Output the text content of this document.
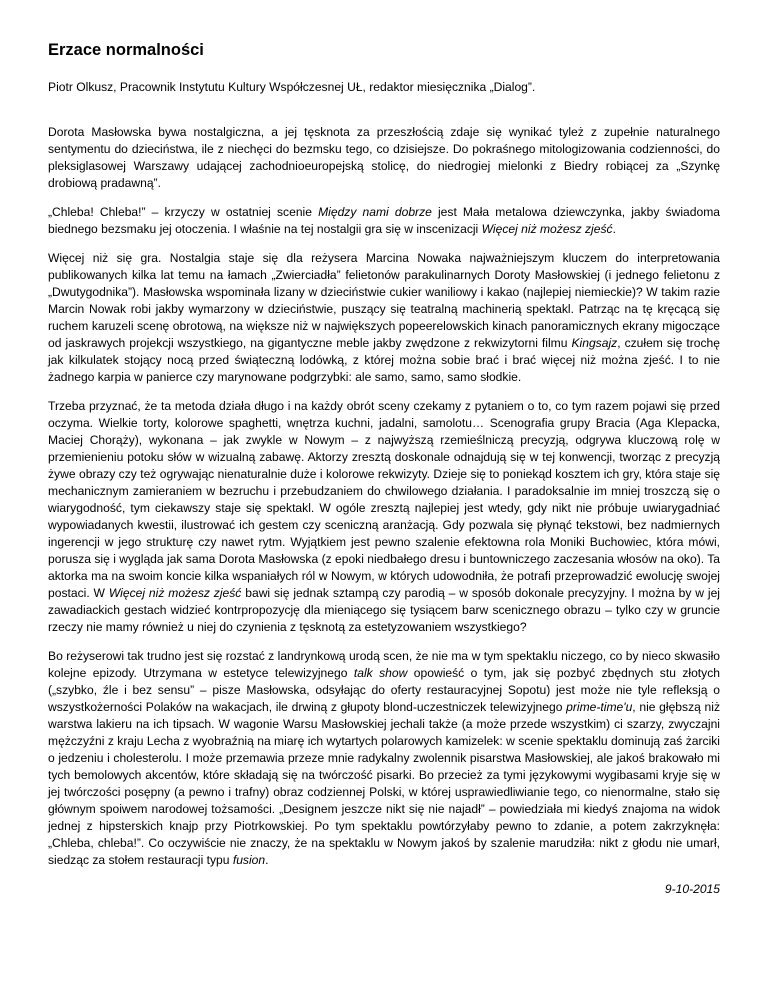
Erzace normalności

Piotr Olkusz, Pracownik Instytutu Kultury Współczesnej UŁ, redaktor miesięcznika „Dialog”.

Dorota Masłowska bywa nostalgiczna, a jej tęsknota za przeszłością zdaje się wynikać tyleż z zupełnie naturalnego sentymentu do dzieciństwa, ile z niechęci do bezmsku tego, co dzisiejsze. Do pokraśnego mitologizowania codzienności, do pleksiglasowej Warszawy udającej zachodnioeuropejską stolicę, do niedrogiej mielonki z Biedry robiącej za „Szynkę drobiową pradawną”.

„Chleba! Chleba!” – krzyczy w ostatniej scenie Między nami dobrze jest Mała metalowa dziewczynka, jakby świadoma biednego bezsmaku jej otoczenia. I właśnie na tej nostalgii gra się w inscenizacji Więcej niż możesz zjeść.

Więcej niż się gra. Nostalgia staje się dla reżysera Marcina Nowaka najważniejszym kluczem do interpretowania publikowanych kilka lat temu na łamach „Zwierciadła” felietonów parakulinarnych Doroty Masłowskiej (i jednego felietonu z „Dwutygodnika”). Masłowska wspominała lizany w dzieciństwie cukier waniliowy i kakao (najlepiej niemieckie)? W takim razie Marcin Nowak robi jakby wymarzony w dzieciństwie, puszący się teatralną machinerią spektakl. Patrząc na tę kręcącą się ruchem karuzeli scenę obrotową, na większe niż w największych popeerelowskich kinach panoramicznych ekrany migoczące od jaskrawych projekcji wszystkiego, na gigantyczne meble jakby zwędzone z rekwizytorni filmu Kingsajz, czułem się trochę jak kilkulatek stojący nocą przed świąteczną lodówką, z której można sobie brać i brać więcej niż można zjeść. I to nie żadnego karpia w panierce czy marynowane podgrzybki: ale samo, samo, samo słodkie.

Trzeba przyznać, że ta metoda działa długo i na każdy obrót sceny czekamy z pytaniem o to, co tym razem pojawi się przed oczyma. Wielkie torty, kolorowe spaghetti, wnętrza kuchni, jadalni, samolotu… Scenografia grupy Bracia (Aga Klepacka, Maciej Chorąży), wykonana – jak zwykle w Nowym – z najwyższą rzemieślniczą precyzją, odgrywa kluczową rolę w przemienieniu potoku słów w wizualną zabawę. Aktorzy zresztą doskonale odnajdują się w tej konwencji, tworząc z precyzją żywe obrazy czy też ogrywając nienaturalnie duże i kolorowe rekwizyty. Dzieje się to poniekąd kosztem ich gry, która staje się mechanicznym zamieraniem w bezruchu i przebudzaniem do chwilowego działania. I paradoksalnie im mniej troszczą się o wiarygodność, tym ciekawszy staje się spektakl. W ogóle zresztą najlepiej jest wtedy, gdy nikt nie próbuje uwiarygadniać wypowiadanych kwestii, ilustrować ich gestem czy sceniczną aranżacją. Gdy pozwala się płynąć tekstowi, bez nadmiernych ingerencji w jego strukturę czy nawet rytm. Wyjątkiem jest pewno szalenie efektowna rola Moniki Buchowiec, która mówi, porusza się i wygląda jak sama Dorota Masłowska (z epoki niedbałego dresu i buntowniczego zaczesania włosów na oko). Ta aktorka ma na swoim koncie kilka wspaniałych ról w Nowym, w których udowodniła, że potrafi przeprowadzić ewolucję swojej postaci. W Więcej niż możesz zjeść bawi się jednak sztampą czy parodią – w sposób dokonale precyzyjny. I można by w jej zawadiackich gestach widzieć kontrpropozycję dla mieniącego się tysiącem barw scenicznego obrazu – tylko czy w gruncie rzeczy nie mamy również u niej do czynienia z tęsknotą za estetyzowaniem wszystkiego?

Bo reżyserowi tak trudno jest się rozstać z landrynkową urodą scen, że nie ma w tym spektaklu niczego, co by nieco skwasiło kolejne epizody. Utrzymana w estetyce telewizyjnego talk show opowieść o tym, jak się pozbyć zbędnych stu złotych („szybko, źle i bez sensu” – pisze Masłowska, odsyłając do oferty restauracyjnej Sopotu) jest może nie tyle refleksją o wszystkożerności Polaków na wakacjach, ile drwiną z głupoty blond-uczestniczek telewizyjnego prime-time'u, nie głębszą niż warstwa lakieru na ich tipsach. W wagonie Warsu Masłowskiej jechali także (a może przede wszystkim) ci szarzy, zwyczajni mężczyźni z kraju Lecha z wyobraźnią na miarę ich wytartych polarowych kamizelek: w scenie spektaklu dominują zaś żarciki o jedzeniu i cholesterolu. I może przemawia przeze mnie radykalny zwolennik pisarstwa Masłowskiej, ale jakoś brakowało mi tych bemolowych akcentów, które składają się na twórczość pisarki. Bo przecież za tymi językowymi wygibasami kryje się w jej twórczości posępny (a pewno i trafny) obraz codziennej Polski, w której usprawiedliwianie tego, co nienormalne, stało się głównym spoiwem narodowej tożsamości. „Designem jeszcze nikt się nie najadł” – powiedziała mi kiedyś znajoma na widok jednej z hipsterskich knajp przy Piotrkowskiej. Po tym spektaklu powtórzyłaby pewno to zdanie, a potem zakrzyknęła: „Chleba, chleba!”. Co oczywiście nie znaczy, że na spektaklu w Nowym jakoś by szalenie marudziła: nikt z głodu nie umarł, siedząc za stołem restauracji typu fusion.

9-10-2015
